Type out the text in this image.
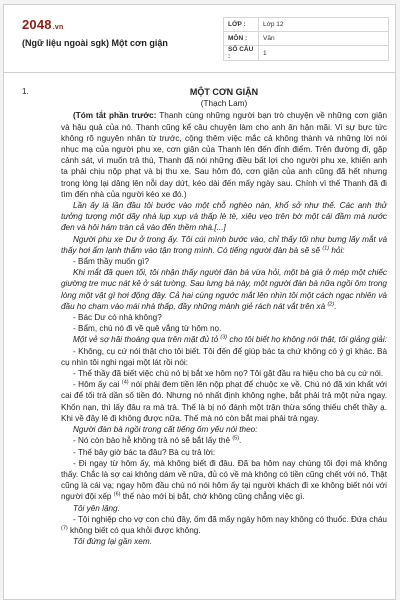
2048.vn
(Ngữ liệu ngoài sgk) Một cơn giận
LỚP :	Lớp 12
MÔN :	Văn
SỐ CÂU :	1
1.	MỘT CƠN GIẬN

(Thạch Lam)

(Tóm tắt phần trước: Thanh cùng những người bạn trò chuyện về những cơn giận và hậu quả của nó. Thanh cũng kể câu chuyện làm cho anh ân hận mãi. Vì sự bực tức không rõ nguyên nhân từ trước, cộng thêm việc mắc cả không thành và những lời nói nhục mạ của người phu xe, cơn giận của Thanh lên đến đỉnh điểm. Trên đường đi, gặp cảnh sát, vì muốn trả thù, Thanh đã nói những điều bất lợi cho người phu xe, khiến anh ta phải chịu nộp phạt và bị thu xe. Sau hôm đó, cơn giận của anh cũng đã hết nhưng trong lòng lại dâng lên nỗi day dứt, kéo dài đến mấy ngày sau. Chính vì thế Thanh đã đi tìm đến nhà của người kéo xe đó.)

Lần ấy là lần đầu tôi bước vào một chỗ nghèo nàn, khổ sở như thế. Các anh thử tưởng tượng một dãy nhà lụp xụp và thấp lè tè, xiêu vẹo trên bờ một cái đầm mà nước đen và hôi hám tràn cả vào đến thềm nhà.[...]

Người phu xe Dư ở trong ấy. Tôi cúi mình bước vào, chỉ thấy tối như bưng lấy mắt và thấy hơi ẩm lạnh thấm vào tận trong mình. Có tiếng người đàn bà sẽ sẽ $^{(1)}$ hỏi:

- Bẩm thầy muốn gì?

Khi mắt đã quen tối, tôi nhận thấy người đàn bà vừa hỏi, một bà già ở mép một chiếc giường tre mục nát kê ở sát tường. Sau lưng bà này, một người đàn bà nữa ngồi ôm trong lòng một vật gì hơi động đậy. Cả hai cùng ngước mắt lên nhìn tôi một cách ngạc nhiên và đầu họ chạm vào mái nhà thấp, đầy những mành giẻ rách nát vắt trên xà $^{(2)}$.

- Bác Dư có nhà không?

- Bẩm, chú nó đi về quê vắng từ hôm nọ.

Một vẻ sợ hãi thoáng qua trên mặt đủ tỏ $^{(3)}$ cho tôi biết họ không nói thật, tôi giảng giải:

- Không, cụ cứ nói thật cho tôi biết. Tôi đến để giúp bác ta chứ không có ý gì khác. Bà cụ nhìn tôi nghi ngại một lát rồi nói:

- Thế thầy đã biết việc chú nó bị bắt xe hôm nọ? Tôi gật đầu ra hiệu cho bà cụ cứ nói.

- Hôm ấy cai $^{(4)}$ nói phải đem tiền lên nộp phạt để chuộc xe về. Chú nó đã xin khất với cai để tối trả dần số tiền đó. Nhưng nó nhất định không nghe, bắt phải trả một nửa ngay. Khốn nạn, thì lấy đâu ra mà trả. Thế là bị nó đánh một trận thừa sống thiếu chết thầy ạ. Khi về đây lê đi không được nữa. Thế mà nó còn bắt mai phải trả ngay.

Người đàn bà ngồi trong cất tiếng ốm yếu nói theo:

- Nó còn bảo hễ không trả nó sẽ bắt lấy thẻ $^{(5)}$.

- Thế bây giờ bác ta đâu? Bà cụ trả lời:

- Đi ngay từ hôm ấy, mà không biết đi đâu. Đã ba hôm nay chúng tôi đợi mà không thấy. Chắc là sợ cai không dám về nữa, đủ có về mà không có tiền cũng chết với nó. Thật cũng là cái vạ; ngay hôm đầu chú nó nói hôm ấy tại người khách đi xe không biết nói với người đội xếp $^{(6)}$ thế nào mới bị bắt, chớ không cũng chẳng việc gì.

Tôi yên lặng.

- Tội nghiệp cho vợ con chú đây, ốm đã mấy ngày hôm nay không có thuốc. Đứa cháu $^{(7)}$ không biết có qua khỏi được không.

Tôi đứng lại gần xem.
